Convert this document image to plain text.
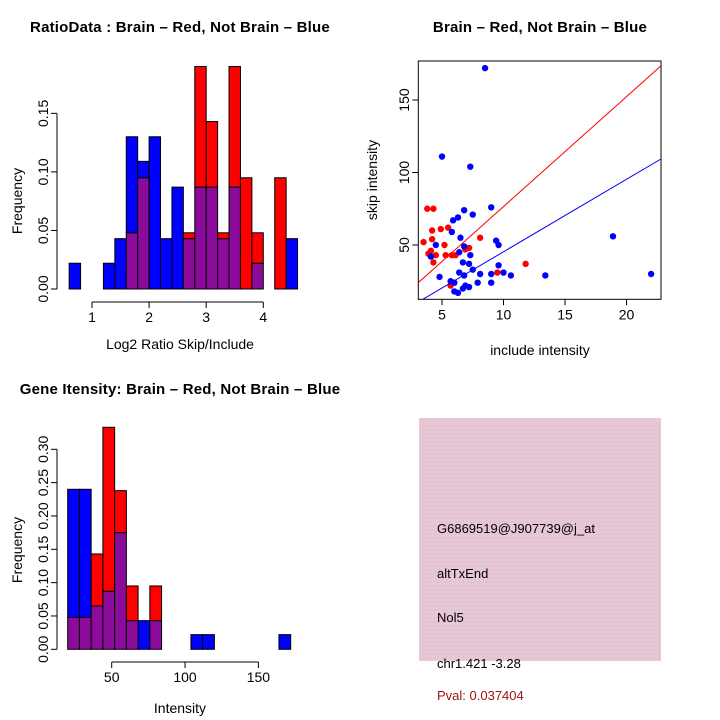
0.00
0.05
0.10
0.15
1	2	3	4
RatioData : Brain – Red, Not Brain – Blue
Log2 Ratio Skip/Include
Frequency
5	10	15	20
50
100
150
Brain – Red, Not Brain – Blue
include intensity
skip intensity
0.00
0.05
0.10
0.15
0.20
0.25
0.30
50	100	150
Gene Itensity: Brain – Red, Not Brain – Blue
Intensity
Frequency	G6869519@J907739@j_at
altTxEnd
Nol5
chr1.421 -3.28
Pval: 0.037404
